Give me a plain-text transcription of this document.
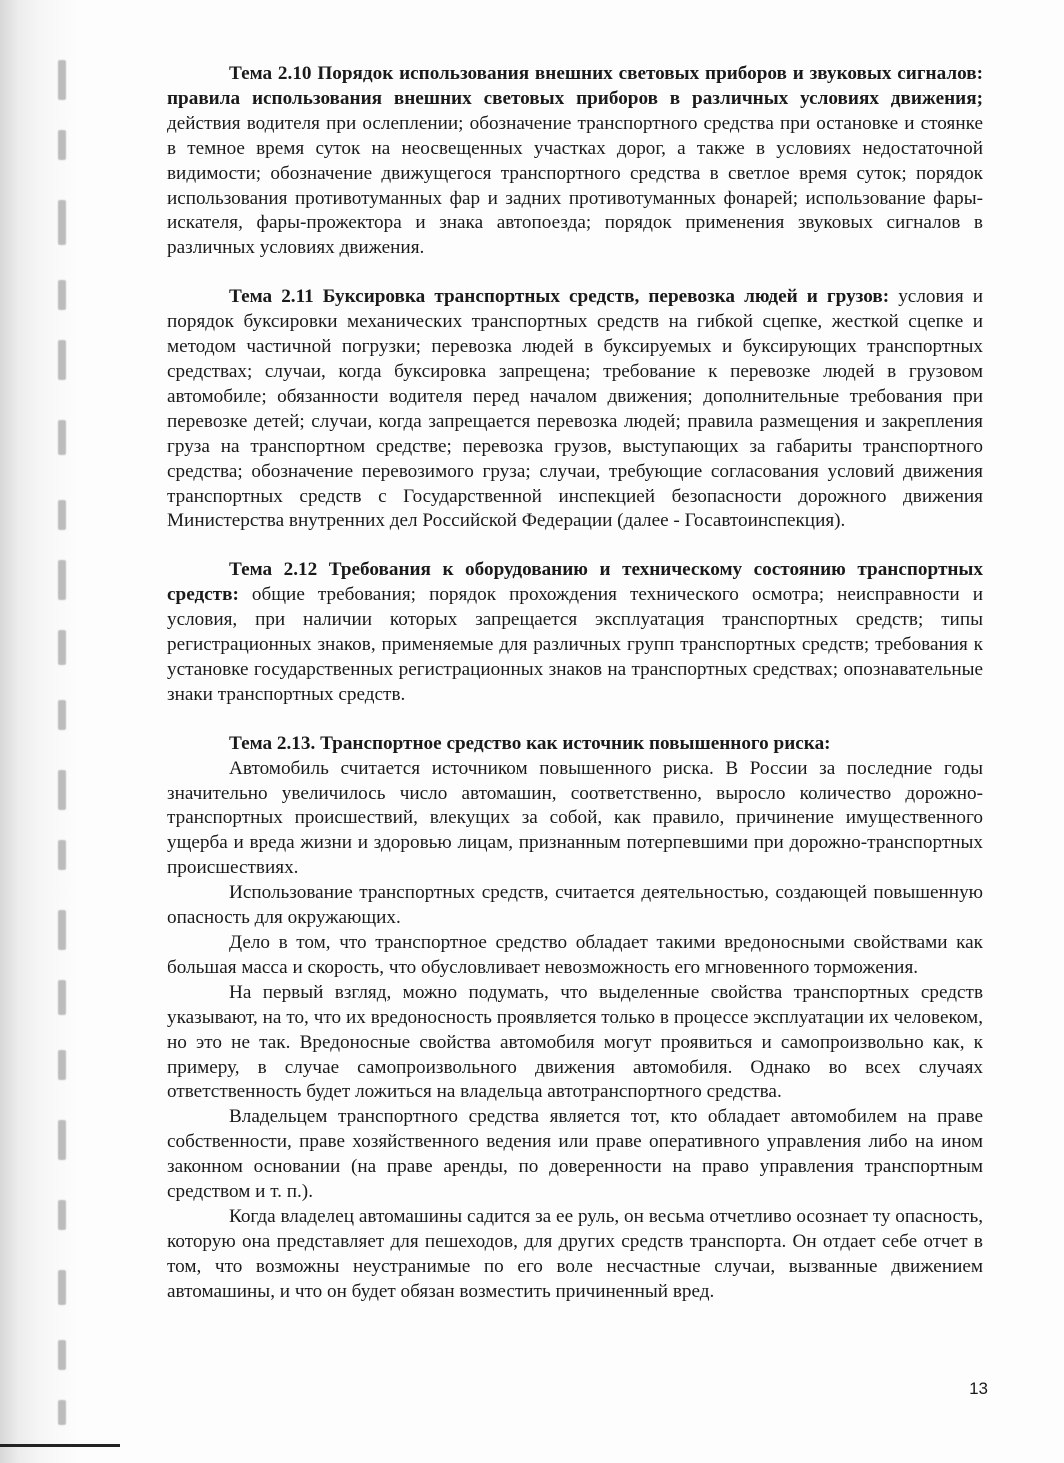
Тема 2.10 Порядок использования внешних световых приборов и звуковых сигналов: правила использования внешних световых приборов в различных условиях движения; действия водителя при ослеплении; обозначение транспортного средства при остановке и стоянке в темное время суток на неосвещенных участках дорог, а также в условиях недостаточной видимости; обозначение движущегося транспортного средства в светлое время суток; порядок использования противотуманных фар и задних противотуманных фонарей; использование фары-искателя, фары-прожектора и знака автопоезда; порядок применения звуковых сигналов в различных условиях движения.

Тема 2.11 Буксировка транспортных средств, перевозка людей и грузов: условия и порядок буксировки механических транспортных средств на гибкой сцепке, жесткой сцепке и методом частичной погрузки; перевозка людей в буксируемых и буксирующих транспортных средствах; случаи, когда буксировка запрещена; требование к перевозке людей в грузовом автомобиле; обязанности водителя перед началом движения; дополнительные требования при перевозке детей; случаи, когда запрещается перевозка людей; правила размещения и закрепления груза на транспортном средстве; перевозка грузов, выступающих за габариты транспортного средства; обозначение перевозимого груза; случаи, требующие согласования условий движения транспортных средств с Государственной инспекцией безопасности дорожного движения Министерства внутренних дел Российской Федерации (далее - Госавтоинспекция).

Тема 2.12 Требования к оборудованию и техническому состоянию транспортных средств: общие требования; порядок прохождения технического осмотра; неисправности и условия, при наличии которых запрещается эксплуатация транспортных средств; типы регистрационных знаков, применяемые для различных групп транспортных средств; требования к установке государственных регистрационных знаков на транспортных средствах; опознавательные знаки транспортных средств.

Тема 2.13. Транспортное средство как источник повышенного риска:

Автомобиль считается источником повышенного риска. В России за последние годы значительно увеличилось число автомашин, соответственно, выросло количество дорожно-транспортных происшествий, влекущих за собой, как правило, причинение имущественного ущерба и вреда жизни и здоровью лицам, признанным потерпевшими при дорожно-транспортных происшествиях.

Использование транспортных средств, считается деятельностью, создающей повышенную опасность для окружающих.

Дело в том, что транспортное средство обладает такими вредоносными свойствами как большая масса и скорость, что обусловливает невозможность его мгновенного торможения.

На первый взгляд, можно подумать, что выделенные свойства транспортных средств указывают, на то, что их вредоносность проявляется только в процессе эксплуатации их человеком, но это не так. Вредоносные свойства автомобиля могут проявиться и самопроизвольно как, к примеру, в случае самопроизвольного движения автомобиля. Однако во всех случаях ответственность будет ложиться на владельца автотранспортного средства.

Владельцем транспортного средства является тот, кто обладает автомобилем на праве собственности, праве хозяйственного ведения или праве оперативного управления либо на ином законном основании (на праве аренды, по доверенности на право управления транспортным средством и т. п.).

Когда владелец автомашины садится за ее руль, он весьма отчетливо осознает ту опасность, которую она представляет для пешеходов, для других средств транспорта. Он отдает себе отчет в том, что возможны неустранимые по его воле несчастные случаи, вызванные движением автомашины, и что он будет обязан возместить причиненный вред.

13
